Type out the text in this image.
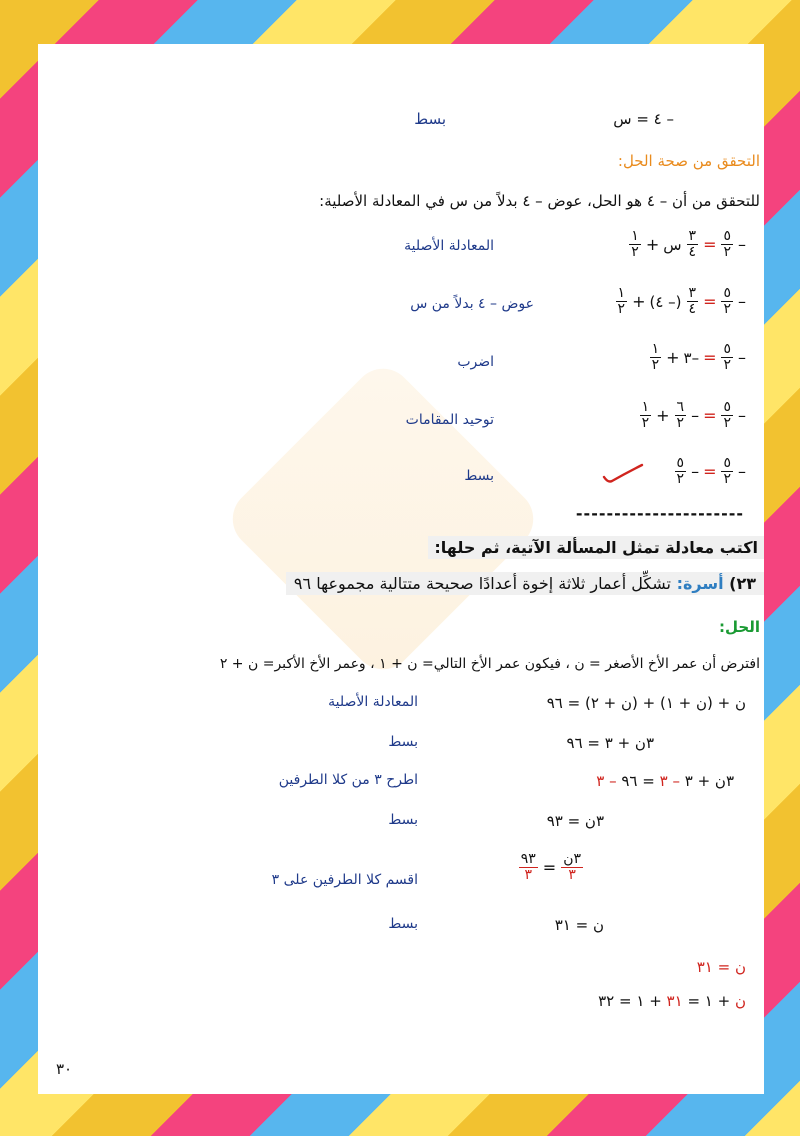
– ٤ = س
بسط
التحقق من صحة الحل:
للتحقق من أن – ٤ هو الحل، عوض – ٤ بدلاً من س في المعادلة الأصلية:
$\frac{١}{٢}$ + س $\frac{٣}{٤} = \frac{٥}{٢}$ –
المعادلة الأصلية
$\frac{١}{٢}$ + (– ٤) $\frac{٣}{٤} = \frac{٥}{٢}$ –
عوض – ٤ بدلاً من س
$\frac{١}{٢}$ + –٣ = $\frac{٥}{٢}$ –
اضرب
$\frac{١}{٢} + \frac{٦}{٢}$ – = $\frac{٥}{٢}$ –
توحيد المقامات
$\frac{٥}{٢}$ – = $\frac{٥}{٢}$ –
بسط
----------------------
اكتب معادلة تمثل المسألة الآتية، ثم حلها:
٢٣) أسرة: تشكِّل أعمار ثلاثة إخوة أعدادًا صحيحة متتالية مجموعها ٩٦
الحل:
افترض أن عمر الأخ الأصغر = ن ، فيكون عمر الأخ التالي= ن + ١ ، وعمر الأخ الأكبر= ن + ٢
ن + (ن + ١) + (ن + ٢) = ٩٦
المعادلة الأصلية
٣ن + ٣ = ٩٦
بسط
٣ن + ٣ – ٣ = ٩٦ – ٣
اطرح ٣ من كلا الطرفين
٣ن = ٩٣
بسط
$\frac{\text{٣ن}}{٣}$
=
$\frac{٩٣}{٣}$
اقسم كلا الطرفين على ٣
ن = ٣١
بسط
ن = ٣١
ن + ١ = ٣١ + ١ = ٣٢
٣٠
